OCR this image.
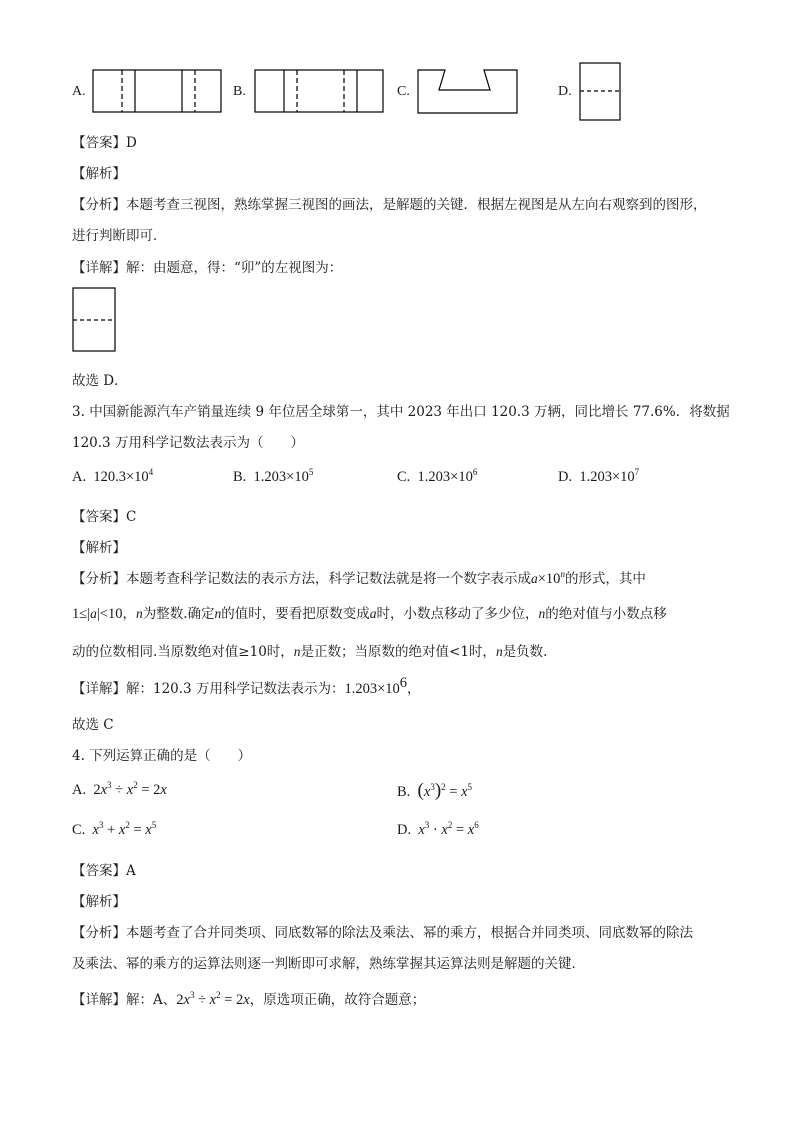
A.	B.	C.	D.
【答案】D
【解析】
【分析】本题考查三视图，熟练掌握三视图的画法，是解题的关键．根据左视图是从左向右观察到的图形，
进行判断即可．
【详解】解：由题意，得：“卯”的左视图为：
故选 D．
3. 中国新能源汽车产销量连续 9 年位居全球第一，其中 2023 年出口 120.3 万辆，同比增长 77.6%．将数据
120.3 万用科学记数法表示为（　　）
A. $120.3\times 10^4$	B. $1.203\times 10^5$	C. $1.203\times 10^6$	D. $1.203\times 10^7$
【答案】C
【解析】
【分析】本题考查科学记数法的表示方法，科学记数法就是将一个数字表示成$a\times 10^n$的形式，其中
1≤|a|<10，n为整数.确定n的值时，要看把原数变成a时，小数点移动了多少位，n的绝对值与小数点移
动的位数相同.当原数绝对值≥10时，n是正数；当原数的绝对值<1时，n是负数.
【详解】解：120.3 万用科学记数法表示为：$1.203\times 10^6$，
故选 C
4. 下列运算正确的是（　　）
A. $2x^3 \div x^2 = 2x$	B. $(x^3)^2 = x^5$
C. $x^3 + x^2 = x^5$	D. $x^3 \cdot x^2 = x^6$
【答案】A
【解析】
【分析】本题考查了合并同类项、同底数幂的除法及乘法、幂的乘方，根据合并同类项、同底数幂的除法
及乘法、幂的乘方的运算法则逐一判断即可求解，熟练掌握其运算法则是解题的关键．
【详解】解：A、$2x^3 \div x^2 = 2x$，原选项正确，故符合题意；
